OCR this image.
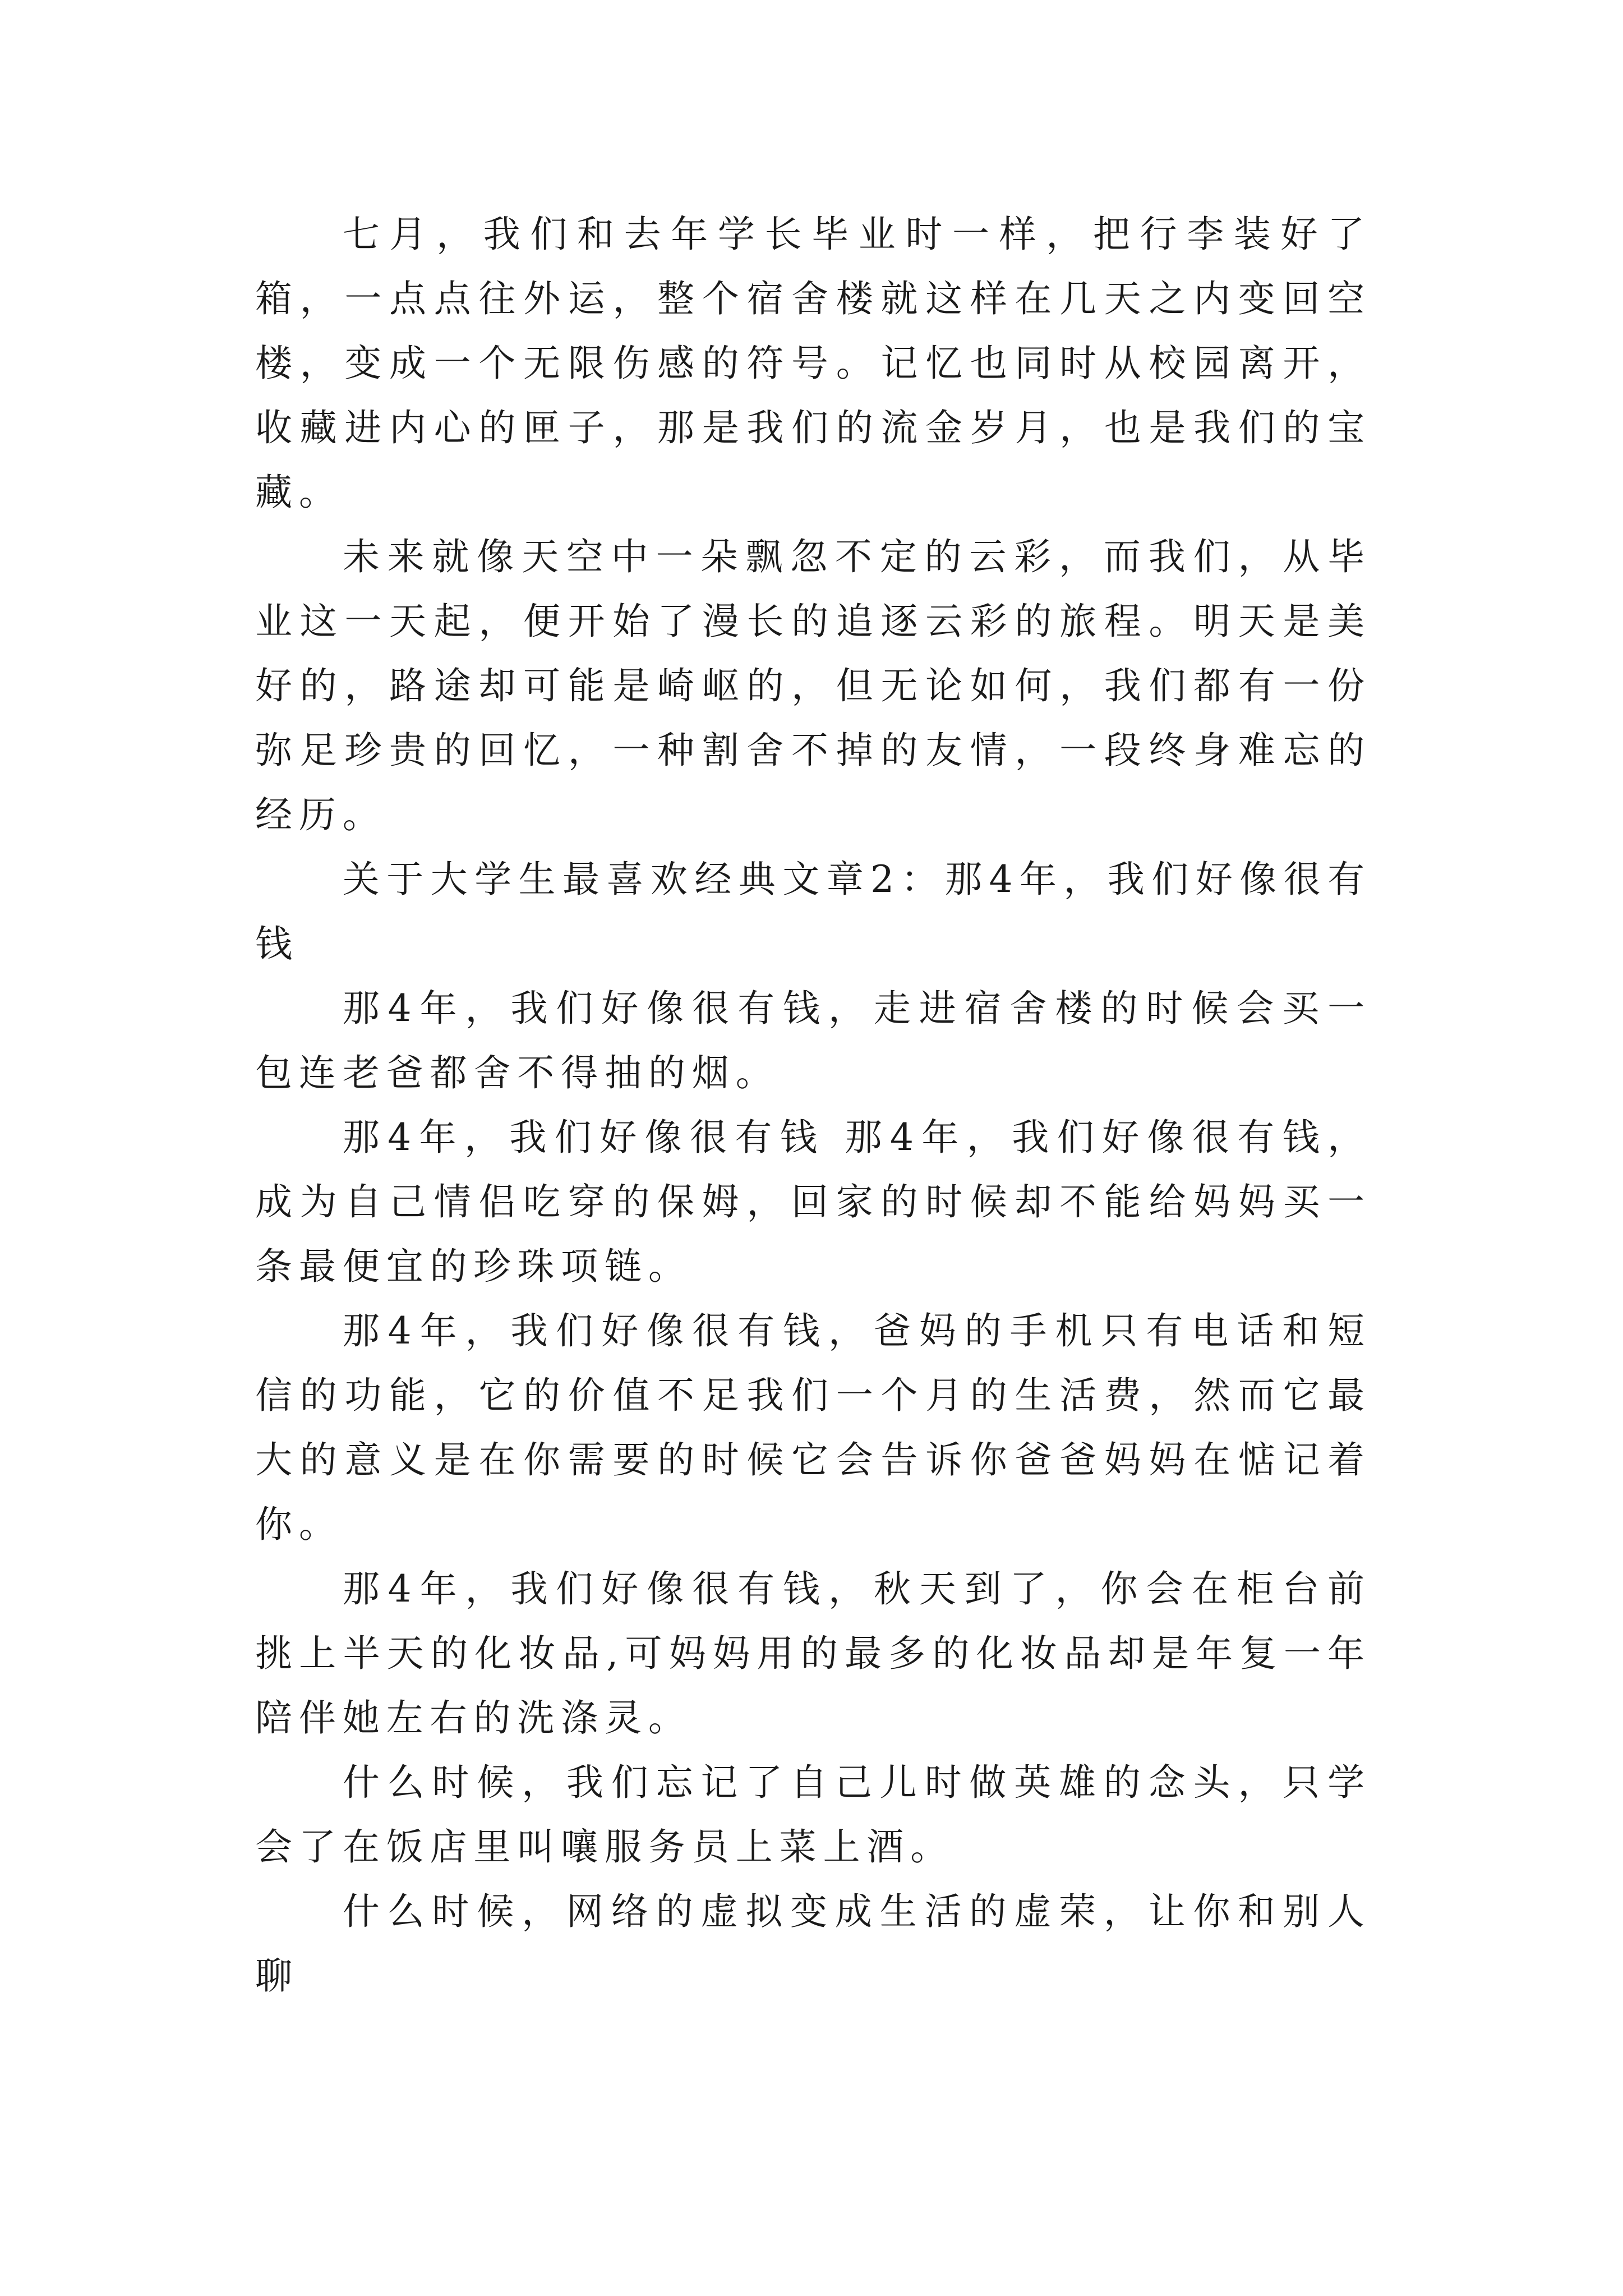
七月，我们和去年学长毕业时一样，把行李装好了箱，一点点往外运，整个宿舍楼就这样在几天之内变回空楼，变成一个无限伤感的符号。记忆也同时从校园离开，收藏进内心的匣子，那是我们的流金岁月，也是我们的宝藏。

未来就像天空中一朵飘忽不定的云彩，而我们，从毕业这一天起，便开始了漫长的追逐云彩的旅程。明天是美好的，路途却可能是崎岖的，但无论如何，我们都有一份弥足珍贵的回忆，一种割舍不掉的友情，一段终身难忘的经历。

关于大学生最喜欢经典文章2：那4年，我们好像很有钱

那4年，我们好像很有钱，走进宿舍楼的时候会买一包连老爸都舍不得抽的烟。

那4年，我们好像很有钱 那4年，我们好像很有钱，成为自己情侣吃穿的保姆，回家的时候却不能给妈妈买一条最便宜的珍珠项链。

那4年，我们好像很有钱，爸妈的手机只有电话和短信的功能，它的价值不足我们一个月的生活费，然而它最大的意义是在你需要的时候它会告诉你爸爸妈妈在惦记着你。

那4年，我们好像很有钱，秋天到了，你会在柜台前挑上半天的化妆品,可妈妈用的最多的化妆品却是年复一年陪伴她左右的洗涤灵。

什么时候，我们忘记了自己儿时做英雄的念头，只学会了在饭店里叫嚷服务员上菜上酒。

什么时候，网络的虚拟变成生活的虚荣，让你和别人聊
